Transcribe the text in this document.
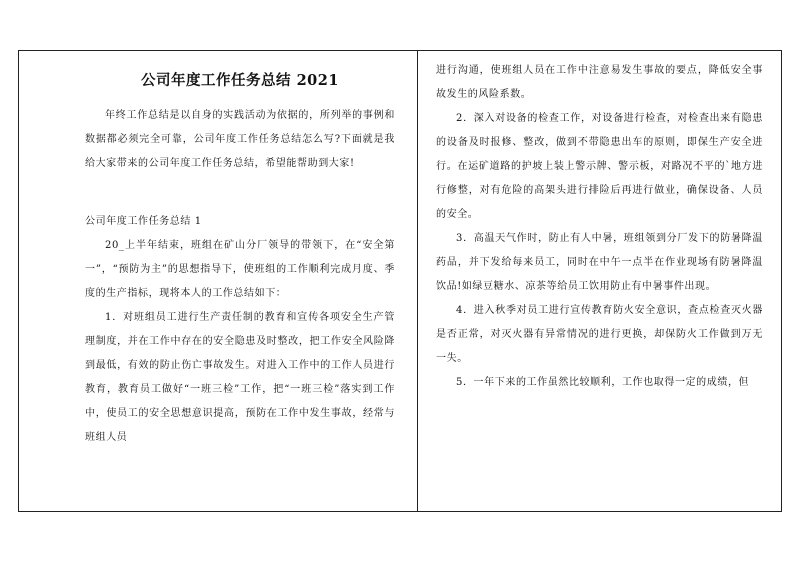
公司年度工作任务总结 2021

年终工作总结是以自身的实践活动为依据的，所列举的事例和数据都必须完全可靠，公司年度工作任务总结怎么写?下面就是我给大家带来的公司年度工作任务总结，希望能帮助到大家!

公司年度工作任务总结 1

20_上半年结束，班组在矿山分厂领导的带领下，在“安全第一”，“预防为主”的思想指导下，使班组的工作顺利完成月度、季度的生产指标，现将本人的工作总结如下：

1．对班组员工进行生产责任制的教育和宣传各项安全生产管理制度，并在工作中存在的安全隐患及时整改，把工作安全风险降到最低，有效的防止伤亡事故发生。对进入工作中的工作人员进行教育，教育员工做好“一班三检”工作，把“一班三检”落实到工作中，使员工的安全思想意识提高，预防在工作中发生事故，经常与班组人员

进行沟通，使班组人员在工作中注意易发生事故的要点，降低安全事故发生的风险系数。

2．深入对设备的检查工作，对设备进行检查，对检查出来有隐患的设备及时报修、整改，做到不带隐患出车的原则，即保生产安全进行。在运矿道路的护坡上装上警示牌、警示板，对路况不平的`地方进行修整，对有危险的高架头进行排险后再进行做业，确保设备、人员的安全。

3．高温天气作时，防止有人中暑，班组领到分厂发下的防暑降温药品，并下发给每来员工，同时在中午一点半在作业现场有防暑降温饮品!如绿豆糖水、凉茶等给员工饮用防止有中暑事件出现。

4．进入秋季对员工进行宣传教育防火安全意识，查点检查灭火器是否正常，对灭火器有异常情况的进行更换，却保防火工作做到万无一失。

5．一年下来的工作虽然比较顺利，工作也取得一定的成绩，但
